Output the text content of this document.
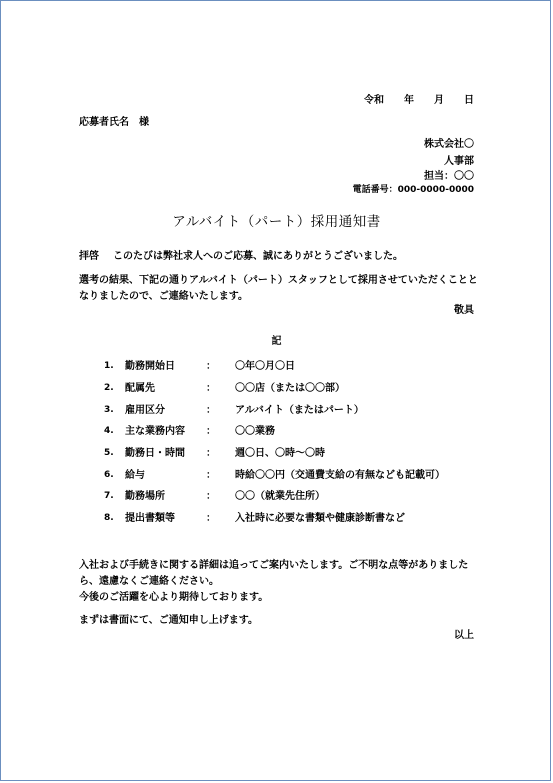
令和　　年　　月　　日
応募者氏名　様
株式会社〇
人事部
担当：〇〇
電話番号：000-0000-0000
アルバイト（パート）採用通知書
拝啓 このたびは弊社求人へのご応募、誠にありがとうございました。
選考の結果、下記の通りアルバイト（パート）スタッフとして採用させていただくこととなりましたので、ご連絡いたします。
敬具
記
1. 勤務開始日	： 〇年〇月〇日
2. 配属先	： 〇〇店（または〇〇部）
3. 雇用区分	： アルバイト（またはパート）
4. 主な業務内容 ： 〇〇業務
5. 勤務日・時間 ： 週〇日、〇時～〇時
6. 給与	： 時給〇〇円（交通費支給の有無なども記載可）
7. 勤務場所	： 〇〇（就業先住所）
8. 提出書類等	： 入社時に必要な書類や健康診断書など
入社および手続きに関する詳細は追ってご案内いたします。ご不明な点等がありましたら、遠慮なくご連絡ください。
今後のご活躍を心より期待しております。
まずは書面にて、ご通知申し上げます。
以上
